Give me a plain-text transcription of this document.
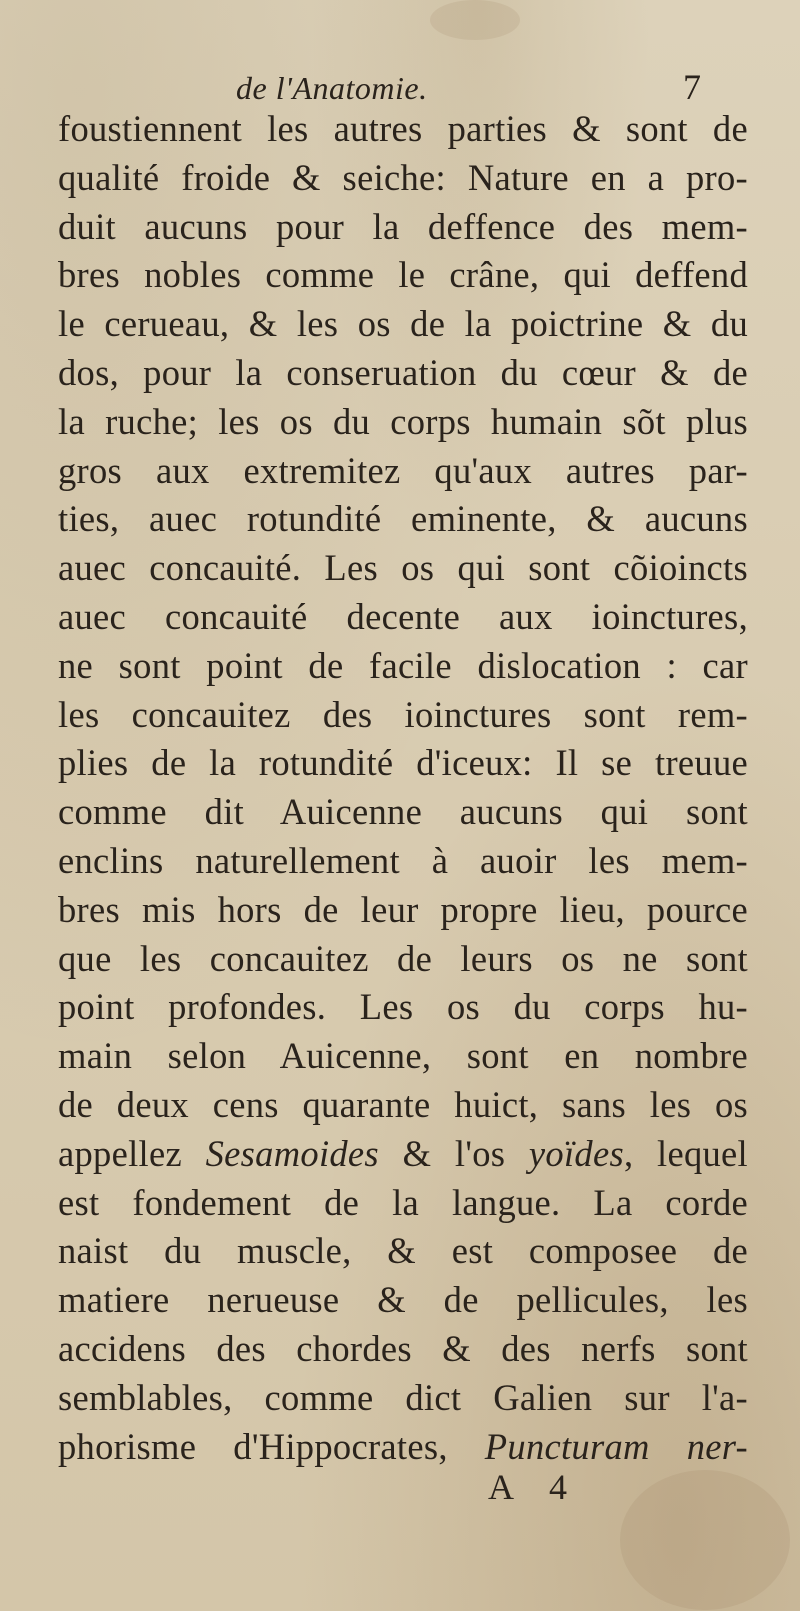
de l'Anatomie.	7
foustiennent les autres parties & sont de
qualité froide & seiche: Nature en a pro-
duit aucuns pour la deffence des mem-
bres nobles comme le crâne, qui deffend
le cerueau, & les os de la poictrine & du
dos, pour la conseruation du cœur & de
la ruche; les os du corps humain sõt plus
gros aux extremitez qu'aux autres par-
ties, auec rotundité eminente, & aucuns
auec concauité. Les os qui sont cõioincts
auec concauité decente aux ioinctures,
ne sont point de facile dislocation : car
les concauitez des ioinctures sont rem-
plies de la rotundité d'iceux: Il se treuue
comme dit Auicenne aucuns qui sont
enclins naturellement à auoir les mem-
bres mis hors de leur propre lieu, pource
que les concauitez de leurs os ne sont
point profondes. Les os du corps hu-
main selon Auicenne, sont en nombre
de deux cens quarante huict, sans les os
appellez Sesamoides & l'os yoïdes, lequel
est fondement de la langue. La corde
naist du muscle, & est composee de
matiere nerueuse & de pellicules, les
accidens des chordes & des nerfs sont
semblables, comme dict Galien sur l'a-
phorisme d'Hippocrates, Puncturam ner-
A 4
